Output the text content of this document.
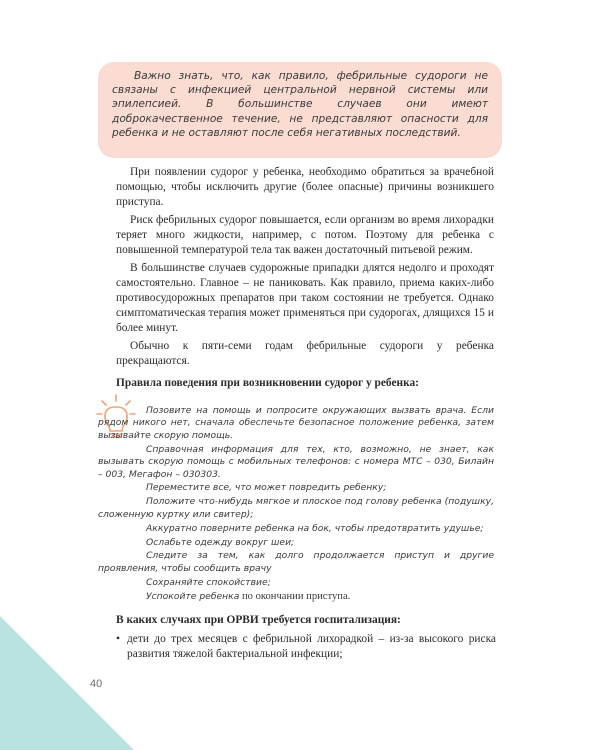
Важно знать, что, как правило, фебрильные судороги не связаны с инфекцией центральной нервной системы или эпилепсией. В большинстве случаев они имеют доброкачественное течение, не представляют опасности для ребенка и не оставляют после себя негативных последствий.

При появлении судорог у ребенка, необходимо обратиться за врачебной помощью, чтобы исключить другие (более опасные) причины возникшего приступа.

Риск фебрильных судорог повышается, если организм во время лихорадки теряет много жидкости, например, с потом. Поэтому для ребенка с повышенной температурой тела так важен достаточный питьевой режим.

В большинстве случаев судорожные припадки длятся недолго и проходят самостоятельно. Главное – не паниковать. Как правило, приема каких-либо противосудорожных препаратов при таком состоянии не требуется. Однако симптоматическая терапия может применяться при судорогах, длящихся 15 и более минут.

Обычно к пяти-семи годам фебрильные судороги у ребенка прекращаются.

Правила поведения при возникновении судорог у ребенка:

Позовите на помощь и попросите окружающих вызвать врача. Если рядом никого нет, сначала обеспечьте безопасное положение ребенка, затем вызывайте скорую помощь.

Справочная информация для тех, кто, возможно, не знает, как вызывать скорую помощь с мобильных телефонов: с номера МТС – 030, Билайн – 003, Мегафон – 030303.

Переместите все, что может повредить ребенку;

Положите что-нибудь мягкое и плоское под голову ребенка (подушку, сложенную куртку или свитер);

Аккуратно поверните ребенка на бок, чтобы предотвратить удушье;

Ослабьте одежду вокруг шеи;

Следите за тем, как долго продолжается приступ и другие проявления, чтобы сообщить врачу

Сохраняйте спокойствие;

Успокойте ребенка по окончании приступа.

В каких случаях при ОРВИ требуется госпитализация:
• дети до трех месяцев с фебрильной лихорадкой – из-за высокого риска развития тяжелой бактериальной инфекции;
40
